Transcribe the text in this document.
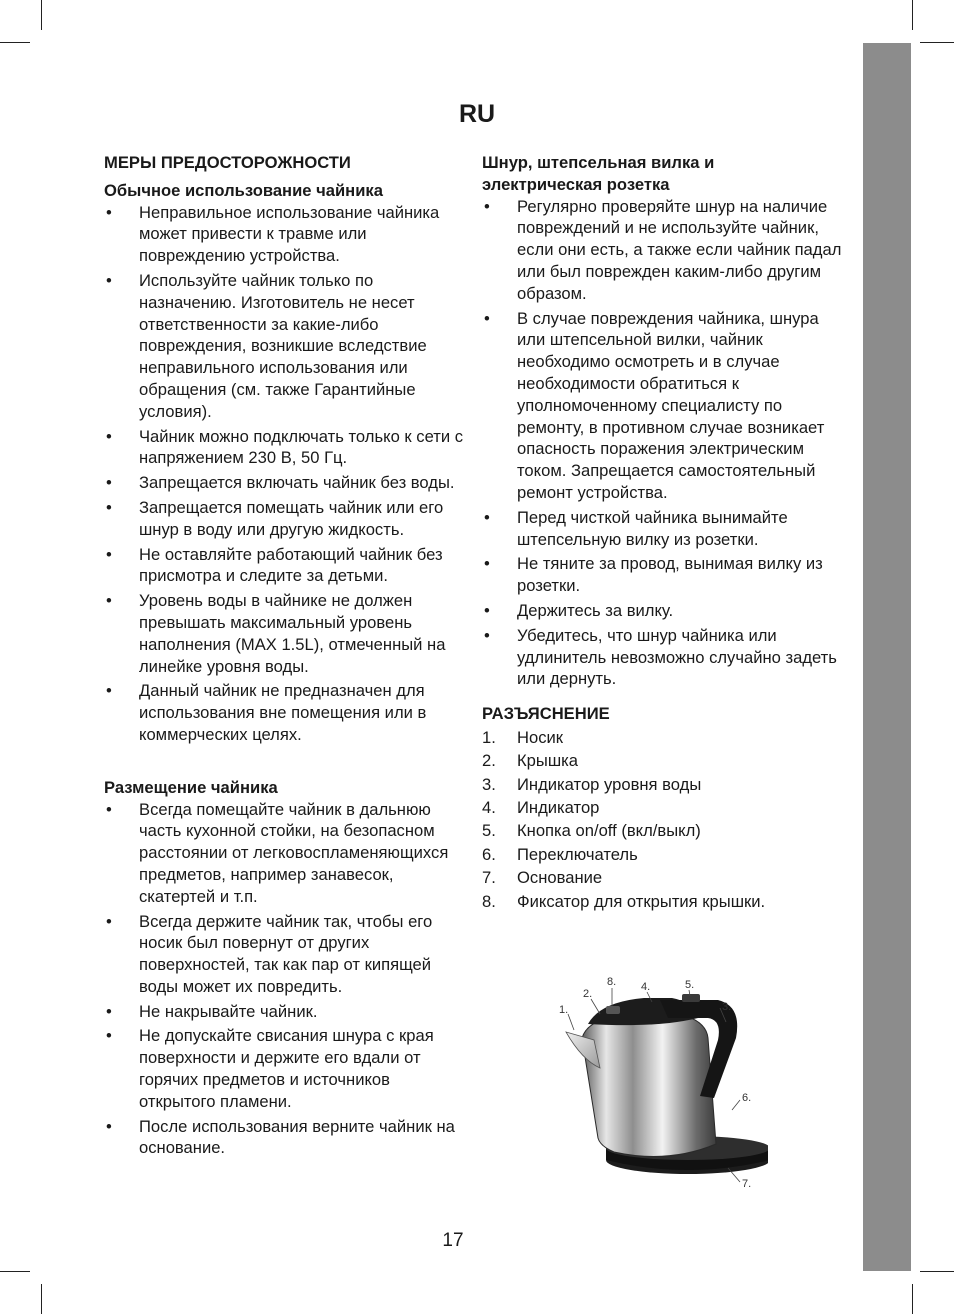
RU
МЕРЫ ПРЕДОСТОРОЖНОСТИ
Обычное использование чайника
• Неправильное использование чайника может привести к травме или повреждению устройства.
• Используйте чайник только по назначению. Изготовитель не несет ответственности за какие-либо повреждения, возникшие вследствие неправильного использования или обращения (см. также Гарантийные условия).
• Чайник можно подключать только к сети с напряжением 230 В, 50 Гц.
• Запрещается включать чайник без воды.
• Запрещается помещать чайник или его шнур в воду или другую жидкость.
• Не оставляйте работающий чайник без присмотра и следите за детьми.
• Уровень воды в чайнике не должен превышать максимальный уровень наполнения (MAX 1.5L), отмеченный на линейке уровня воды.
• Данный чайник не предназначен для использования вне помещения или в коммерческих целях.
Размещение чайника
• Всегда помещайте чайник в дальнюю часть кухонной стойки, на безопасном расстоянии от легковоспламеняющихся предметов, например занавесок, скатертей и т.п.
• Всегда держите чайник так, чтобы его носик был повернут от других поверхностей, так как пар от кипящей воды может их повредить.
• Не накрывайте чайник.
• Не допускайте свисания шнура с края поверхности и держите его вдали от горячих предметов и источников открытого пламени.
• После использования верните чайник на основание.
Шнур, штепсельная вилка и
электрическая розетка
• Регулярно проверяйте шнур на наличие повреждений и не используйте чайник, если они есть, а также если чайник падал или был поврежден каким-либо другим образом.
• В случае повреждения чайника, шнура или штепсельной вилки, чайник необходимо осмотреть и в случае необходимости обратиться к уполномоченному специалисту по ремонту, в противном случае возникает опасность поражения электрическим током. Запрещается самостоятельный ремонт устройства.
• Перед чисткой чайника вынимайте штепсельную вилку из розетки.
• Не тяните за провод, вынимая вилку из розетки.
• Держитесь за вилку.
• Убедитесь, что шнур чайника или удлинитель невозможно случайно задеть или дернуть.
РАЗЪЯСНЕНИЕ
1. Носик
2. Крышка
3. Индикатор уровня воды
4. Индикатор
5. Кнопка on/off (вкл/выкл)
6. Переключатель
7. Основание
8. Фиксатор для открытия крышки.
1.
2.
8. 4.	5.
3.
6.
7.
17
